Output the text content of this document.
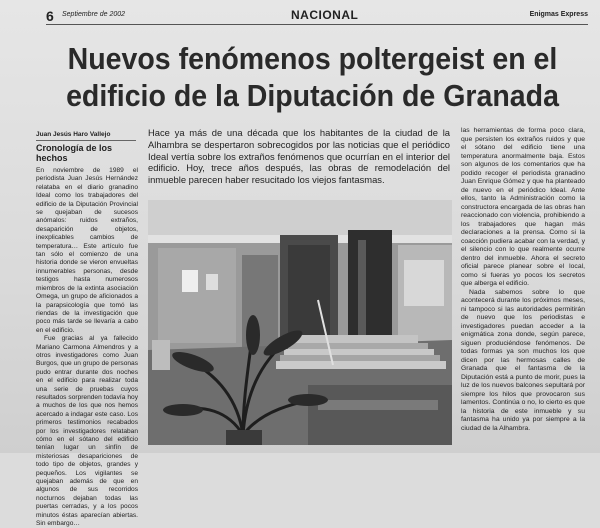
6 Septiembre de 2002	NACIONAL	Enigmas Express
Nuevos fenómenos poltergeist en el edificio de la Diputación de Granada
Juan Jesús Haro Vallejo
Cronología de los hechos

En noviembre de 1989 el periodista Juan Jesús Hernández relataba en el diario granadino Ideal como los trabajadores del edificio de la Diputación Provincial se quejaban de sucesos anómalos: ruidos extraños, desaparición de objetos, inexplicables cambios de temperatura… Este artículo fue tan sólo el comienzo de una historia donde se vieron envueltas innumerables personas, desde testigos hasta numerosos miembros de la extinta asociación Omega, un grupo de aficionados a la parapsicología que tomó las riendas de la investigación que poco más tarde se llevaría a cabo en el edificio.

Fue gracias al ya fallecido Mariano Carmona Almendros y a otros investigadores como Juan Burgos, que un grupo de personas pudo entrar durante dos noches en el edificio para realizar toda una serie de pruebas cuyos resultados sorprenden todavía hoy a muchos de los que nos hemos acercado a indagar este caso. Los primeros testimonios recabados por los investigadores relataban cómo en el sótano del edificio tenían lugar un sinfín de misteriosas desapariciones de todo tipo de objetos, grandes y pequeños. Los vigilantes se quejaban además de que en algunos de sus recorridos nocturnos dejaban todas las puertas cerradas, y a los pocos minutos éstas aparecían abiertas. Sin embargo…

Hace ya más de una década que los habitantes de la ciudad de la Alhambra se despertaron sobrecogidos por las noticias que el periódico Ideal vertía sobre los extraños fenómenos que ocurrían en el interior del edificio. Hoy, trece años después, las obras de remodelación del inmueble parecen haber resucitado los viejos fantasmas.

las herramientas de forma poco clara, que persisten los extraños ruidos y que el sótano del edificio tiene una temperatura anormalmente baja. Estos son algunos de los comentarios que ha podido recoger el periodista granadino Juan Enrique Gómez y que ha planteado de nuevo en el periódico Ideal. Ante ellos, tanto la Administración como la constructora encargada de las obras han reaccionado con violencia, prohibiendo a los trabajadores que hagan más declaraciones a la prensa. Como si la coacción pudiera acabar con la verdad, y el silencio con lo que realmente ocurre dentro del inmueble. Ahora el secreto oficial parece planear sobre el local, como si fueras yo pocos los secretos que alberga el edificio.

Nada sabemos sobre lo que acontecerá durante los próximos meses, ni tampoco si las autoridades permitirán de nuevo que los periodistas e investigadores puedan acceder a la enigmática zona donde, según parece, siguen produciéndose fenómenos. De todas formas ya son muchos los que dicen por las hermosas calles de Granada que el fantasma de la Diputación está a punto de morir, pues la luz de los nuevos balcones sepultará por siempre los hilos que provocaron sus lamentos. Continúa o no, lo cierto es que la historia de este inmueble y su fantasma ha unido ya por siempre a la ciudad de la Alhambra.
